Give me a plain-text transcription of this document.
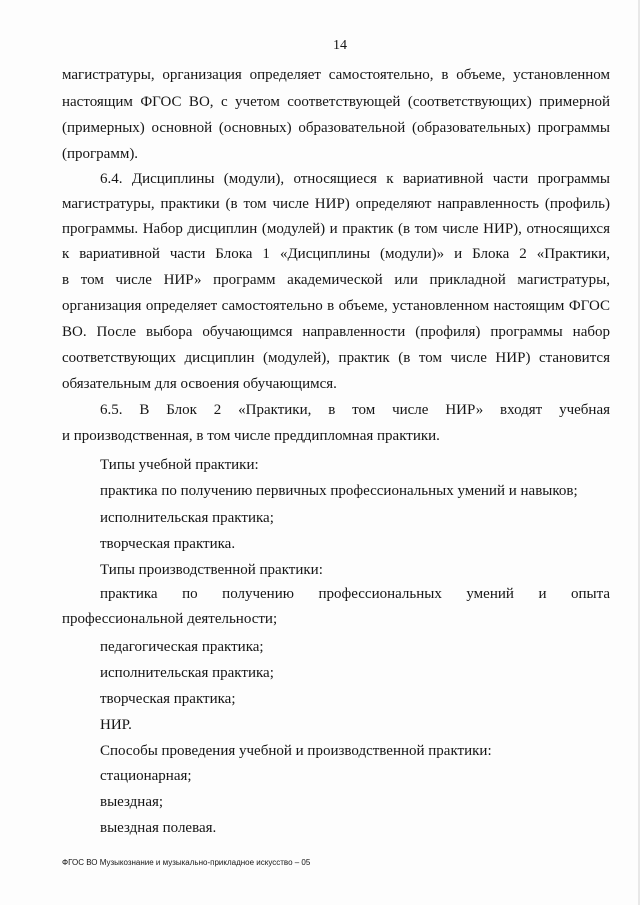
14
магистратуры, организация определяет самостоятельно, в объеме, установленном
настоящим ФГОС ВО, с учетом соответствующей (соответствующих) примерной
(примерных) основной (основных) образовательной (образовательных) программы
(программ).
6.4. Дисциплины (модули), относящиеся к вариативной части программы
магистратуры, практики (в том числе НИР) определяют направленность (профиль)
программы. Набор дисциплин (модулей) и практик (в том числе НИР), относящихся
к вариативной части Блока 1 «Дисциплины (модули)» и Блока 2 «Практики,
в том числе НИР» программ академической или прикладной магистратуры,
организация определяет самостоятельно в объеме, установленном настоящим ФГОС
ВО. После выбора обучающимся направленности (профиля) программы набор
соответствующих дисциплин (модулей), практик (в том числе НИР) становится
обязательным для освоения обучающимся.
6.5. В Блок 2 «Практики, в том числе НИР» входят учебная
и производственная, в том числе преддипломная практики.
Типы учебной практики:
практика по получению первичных профессиональных умений и навыков;
исполнительская практика;
творческая практика.
Типы производственной практики:
практика по получению профессиональных умений и опыта
профессиональной деятельности;
педагогическая практика;
исполнительская практика;
творческая практика;
НИР.
Способы проведения учебной и производственной практики:
стационарная;
выездная;
выездная полевая.
ФГОС ВО Музыкознание и музыкально-прикладное искусство – 05
